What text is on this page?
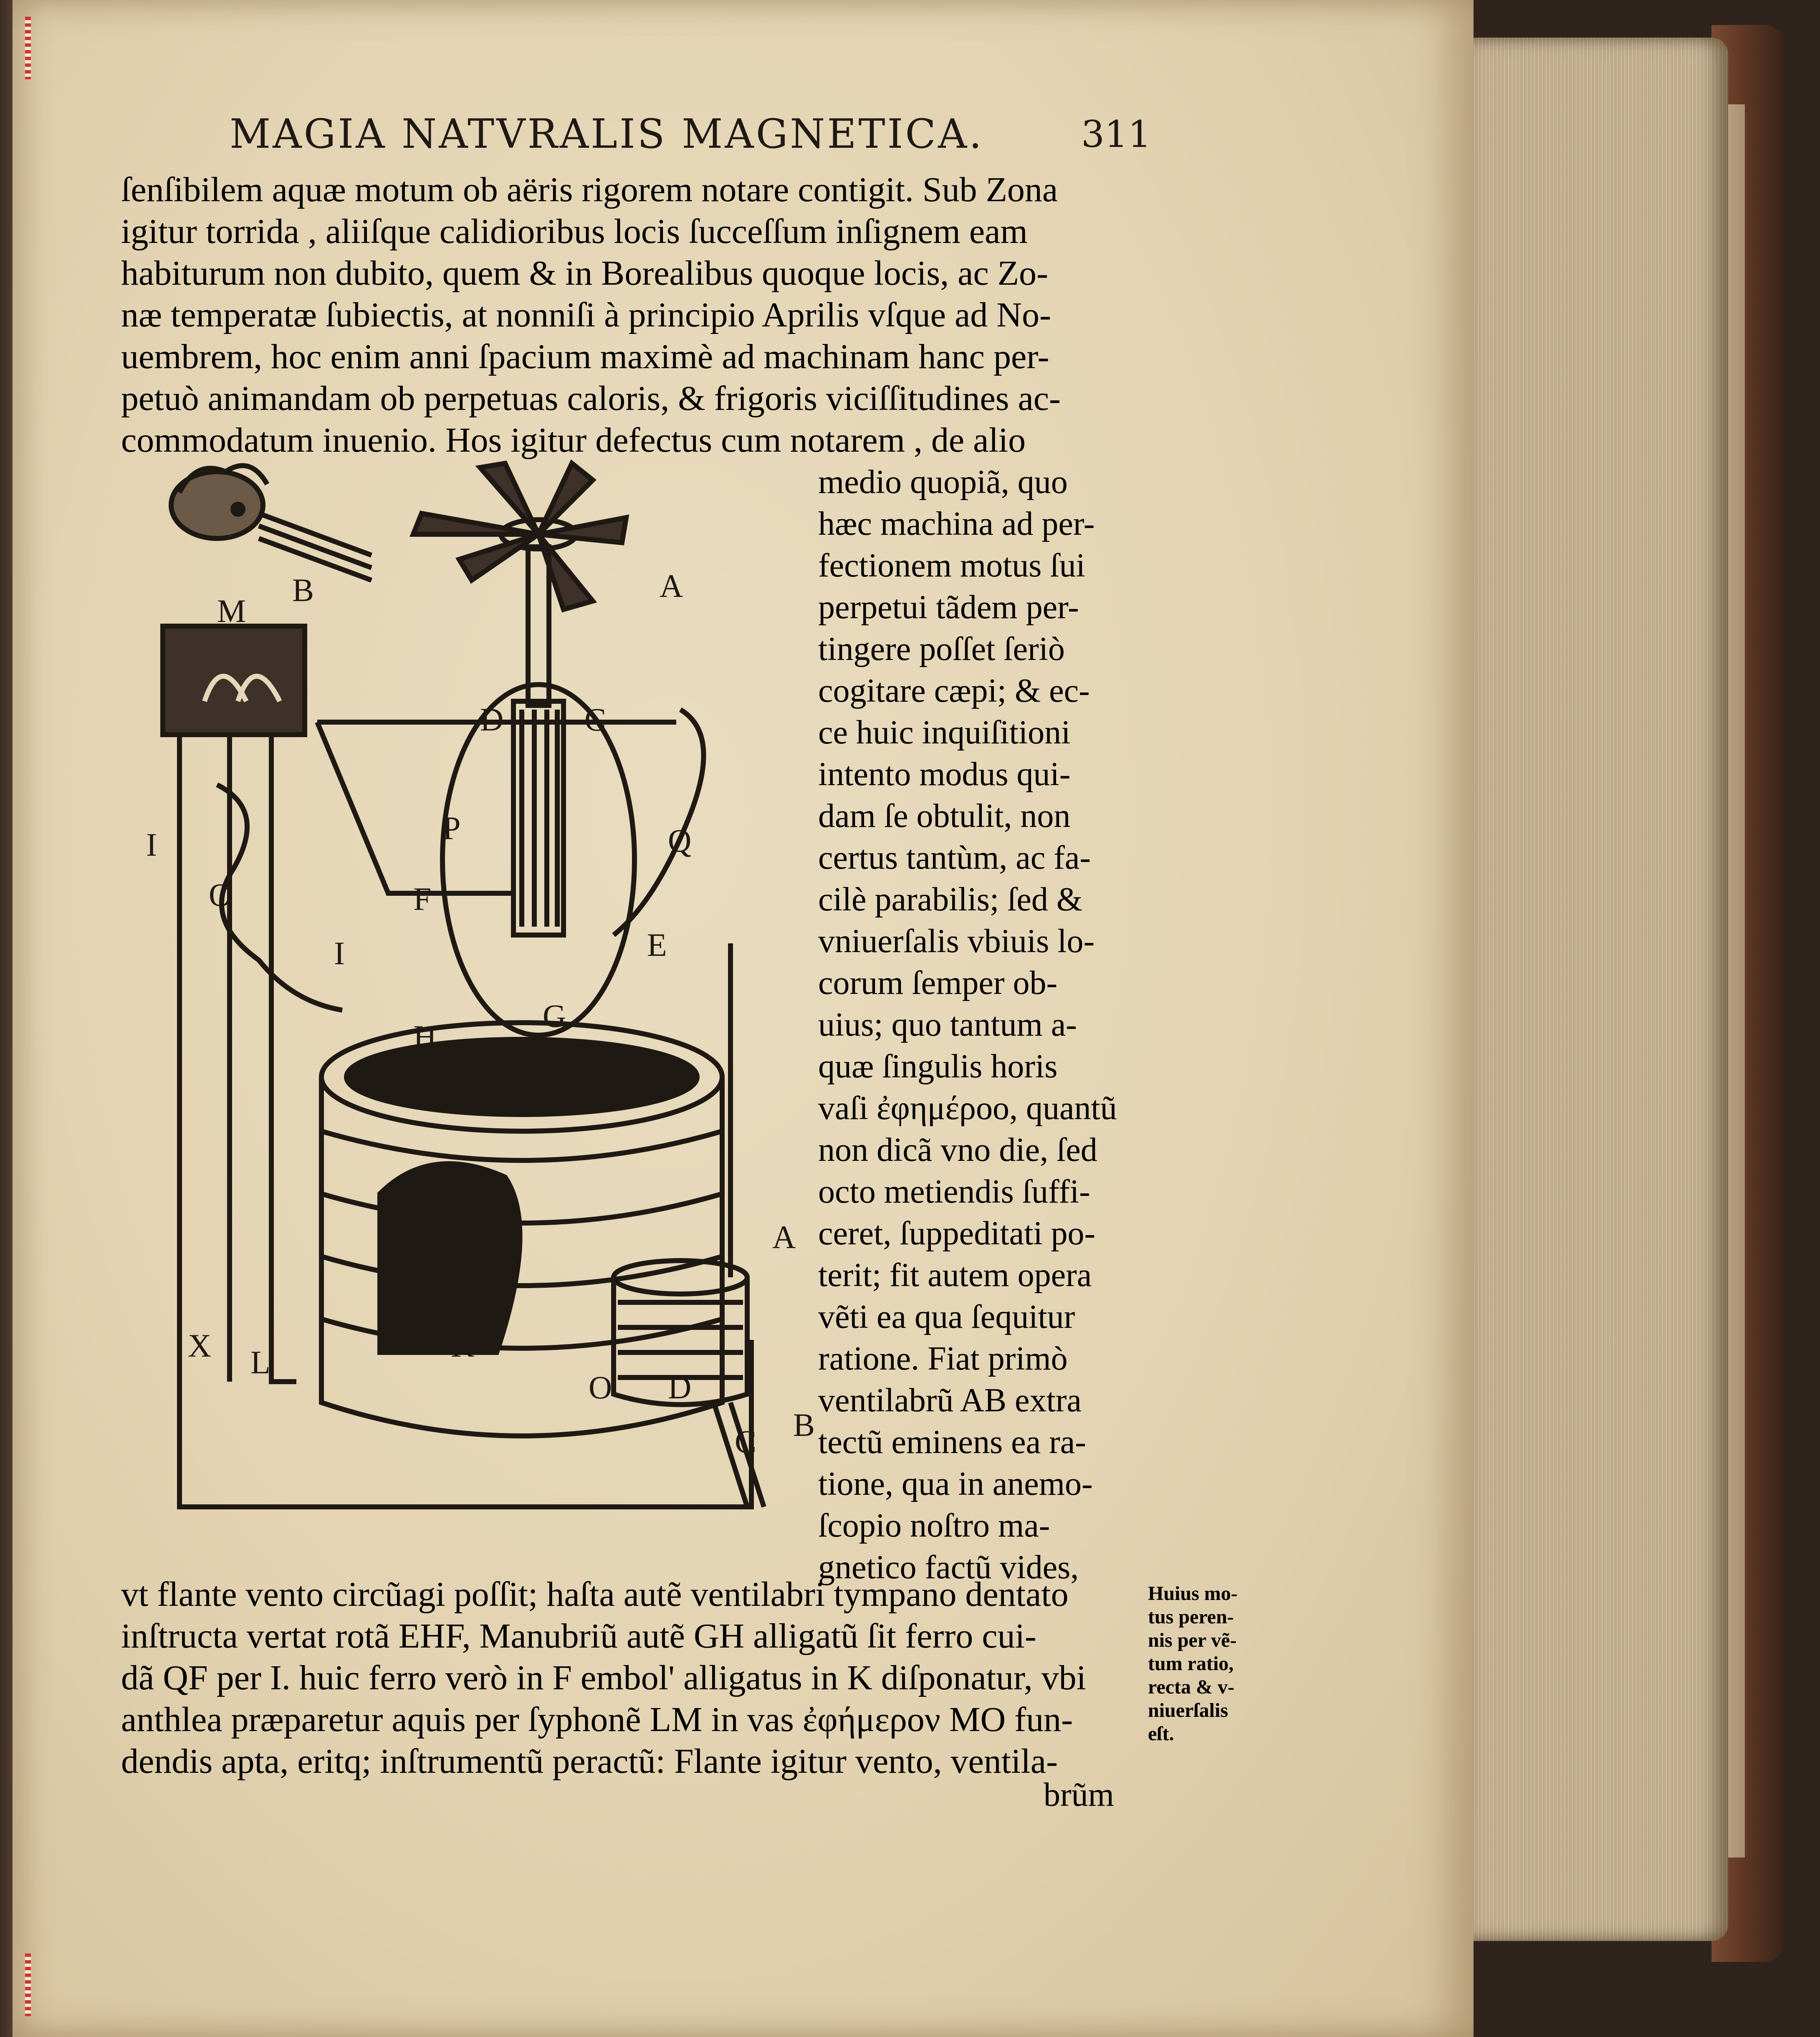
MAGIA NATVRALIS MAGNETICA.	311
ſenſibilem aquæ motum ob aëris rigorem notare contigit. Sub Zona
igitur torrida , aliiſque calidioribus locis ſucceſſum inſignem eam
habiturum non dubito, quem & in Borealibus quoque locis, ac Zo-
næ temperatæ ſubiectis, at nonniſi à principio Aprilis vſque ad No-
uembrem, hoc enim anni ſpacium maximè ad machinam hanc per-
petuò animandam ob perpetuas caloris, & frigoris viciſſitudines ac-
commodatum inuenio. Hos igitur defectus cum notarem , de alio
medio quopiã, quo
hæc machina ad per-
fectionem motus ſui
perpetui tãdem per-
tingere poſſet ſeriò
cogitare cæpi; & ec-
ce huic inquiſitioni
intento modus qui-
dam ſe obtulit, non
certus tantùm, ac fa-
cilè parabilis; ſed &
vniuerſalis vbiuis lo-
corum ſemper ob-
uius; quo tantum a-
quæ ſingulis horis
vaſi ἐφημέροο, quantũ
non dicã vno die, ſed
octo metiendis ſuffi-
ceret, ſuppeditati po-
terit; fit autem opera
vẽti ea qua ſequitur
ratione. Fiat primò
ventilabrũ AB extra
tectũ eminens ea ra-
tione, qua in anemo-
ſcopio noſtro ma-
gnetico factũ vides,
vt flante vento circũagi poſſit; haſta autẽ ventilabri tympano dentato
inſtructa vertat rotã EHF, Manubriũ autẽ GH alligatũ ſit ferro cui-
dã QF per I. huic ferro verò in F embol' alligatus in K diſponatur, vbi
anthlea præparetur aquis per ſyphonẽ LM in vas ἐφήμερον MO fun-
dendis apta, eritq; inſtrumentũ peractũ: Flante igitur vento, ventila-
brũm
Huius mo-
tus peren-
nis per vẽ-
tum ratio,
recta & v-
niuerſalis
eſt.
B	A
M
D C
P	Q
I
O	F
I	E
H
G
A
X L	K
O D
C B
